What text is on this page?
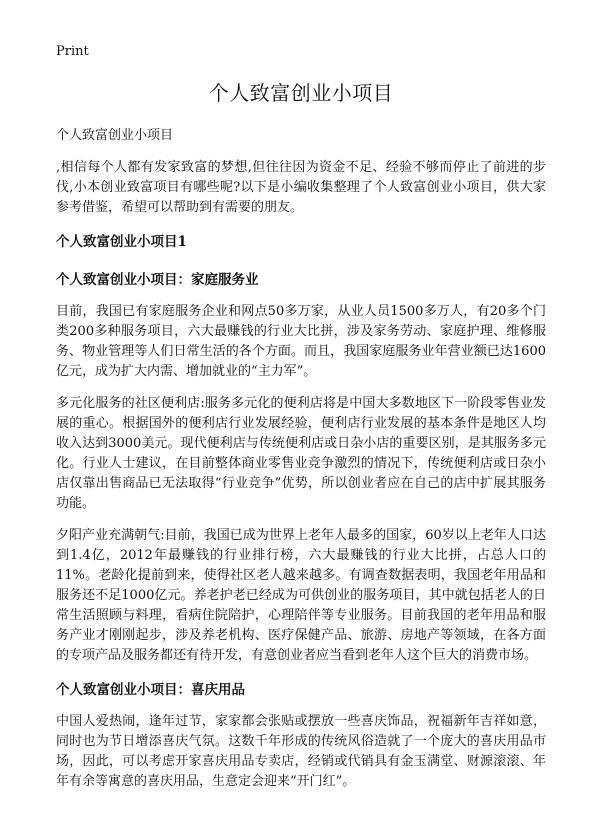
Print
个人致富创业小项目

个人致富创业小项目

,相信每个人都有发家致富的梦想,但往往因为资金不足、经验不够而停止了前进的步伐,小本创业致富项目有哪些呢?以下是小编收集整理了个人致富创业小项目，供大家参考借鉴，希望可以帮助到有需要的朋友。

个人致富创业小项目1
个人致富创业小项目：家庭服务业

目前，我国已有家庭服务企业和网点50多万家，从业人员1500多万人，有20多个门类200多种服务项目，六大最赚钱的行业大比拼，涉及家务劳动、家庭护理、维修服务、物业管理等人们日常生活的各个方面。而且，我国家庭服务业年营业额已达1600亿元，成为扩大内需、增加就业的“主力军”。

多元化服务的社区便利店:服务多元化的便利店将是中国大多数地区下一阶段零售业发展的重心。根据国外的便利店行业发展经验，便利店行业发展的基本条件是地区人均收入达到3000美元。现代便利店与传统便利店或日杂小店的重要区别，是其服务多元化。行业人士建议，在目前整体商业零售业竞争激烈的情况下，传统便利店或日杂小店仅靠出售商品已无法取得“行业竞争”优势，所以创业者应在自己的店中扩展其服务功能。

夕阳产业充满朝气:目前，我国已成为世界上老年人最多的国家，60岁以上老年人口达到1.4亿，2012年最赚钱的行业排行榜，六大最赚钱的行业大比拼，占总人口的11%。老龄化提前到来，使得社区老人越来越多。有调查数据表明，我国老年用品和服务还不足1000亿元。养老护老已经成为可供创业的服务项目，其中就包括老人的日常生活照顾与料理，看病住院陪护，心理陪伴等专业服务。目前我国的老年用品和服务产业才刚刚起步，涉及养老机构、医疗保健产品、旅游、房地产等领域，在各方面的专项产品及服务都还有待开发，有意创业者应当看到老年人这个巨大的消费市场。

个人致富创业小项目：喜庆用品

中国人爱热闹，逢年过节，家家都会张贴或摆放一些喜庆饰品，祝福新年吉祥如意，同时也为节日增添喜庆气氛。这数千年形成的传统风俗造就了一个庞大的喜庆用品市场，因此，可以考虑开家喜庆用品专卖店，经销或代销具有金玉满堂、财源滚滚、年年有余等寓意的喜庆用品，生意定会迎来“开门红”。
